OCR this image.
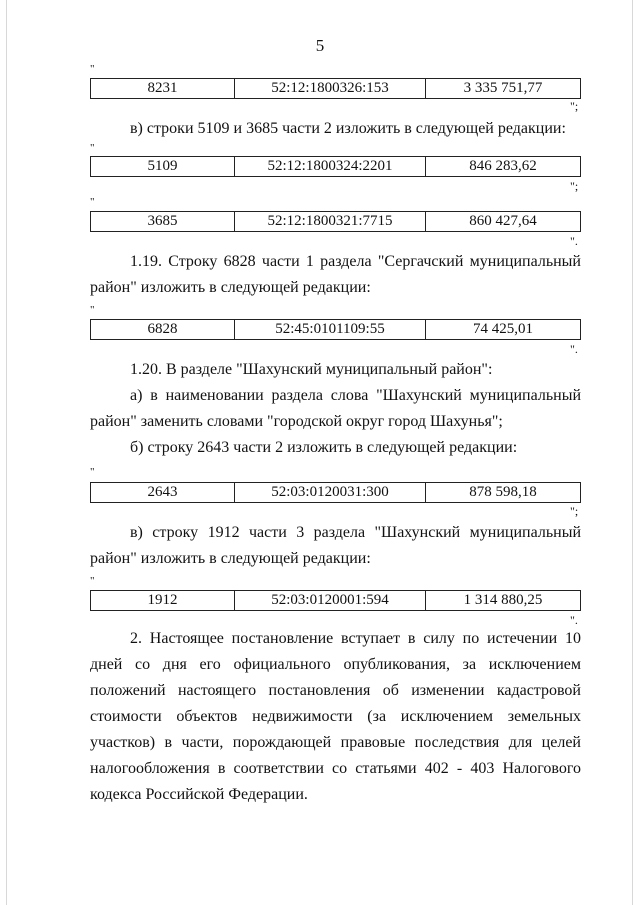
5
"
8231	52:12:1800326:153	3 335 751,77
";
в) строки 5109 и 3685 части 2 изложить в следующей редакции:
"
5109	52:12:1800324:2201	846 283,62
";
"
3685	52:12:1800321:7715	860 427,64
".
1.19. Строку 6828 части 1 раздела "Сергачский муниципальный район" изложить в следующей редакции:
"
6828	52:45:0101109:55	74 425,01
".
1.20. В разделе "Шахунский муниципальный район":
а) в наименовании раздела слова "Шахунский муниципальный район" заменить словами "городской округ город Шахунья";
б) строку 2643 части 2 изложить в следующей редакции:
"
2643	52:03:0120031:300	878 598,18
";
в) строку 1912 части 3 раздела "Шахунский муниципальный район" изложить в следующей редакции:
"
1912	52:03:0120001:594	1 314 880,25
".
2. Настоящее постановление вступает в силу по истечении 10 дней со дня его официального опубликования, за исключением положений настоящего постановления об изменении кадастровой стоимости объектов недвижимости (за исключением земельных участков) в части, порождающей правовые последствия для целей налогообложения в соответствии со статьями 402 - 403 Налогового кодекса Российской Федерации.
